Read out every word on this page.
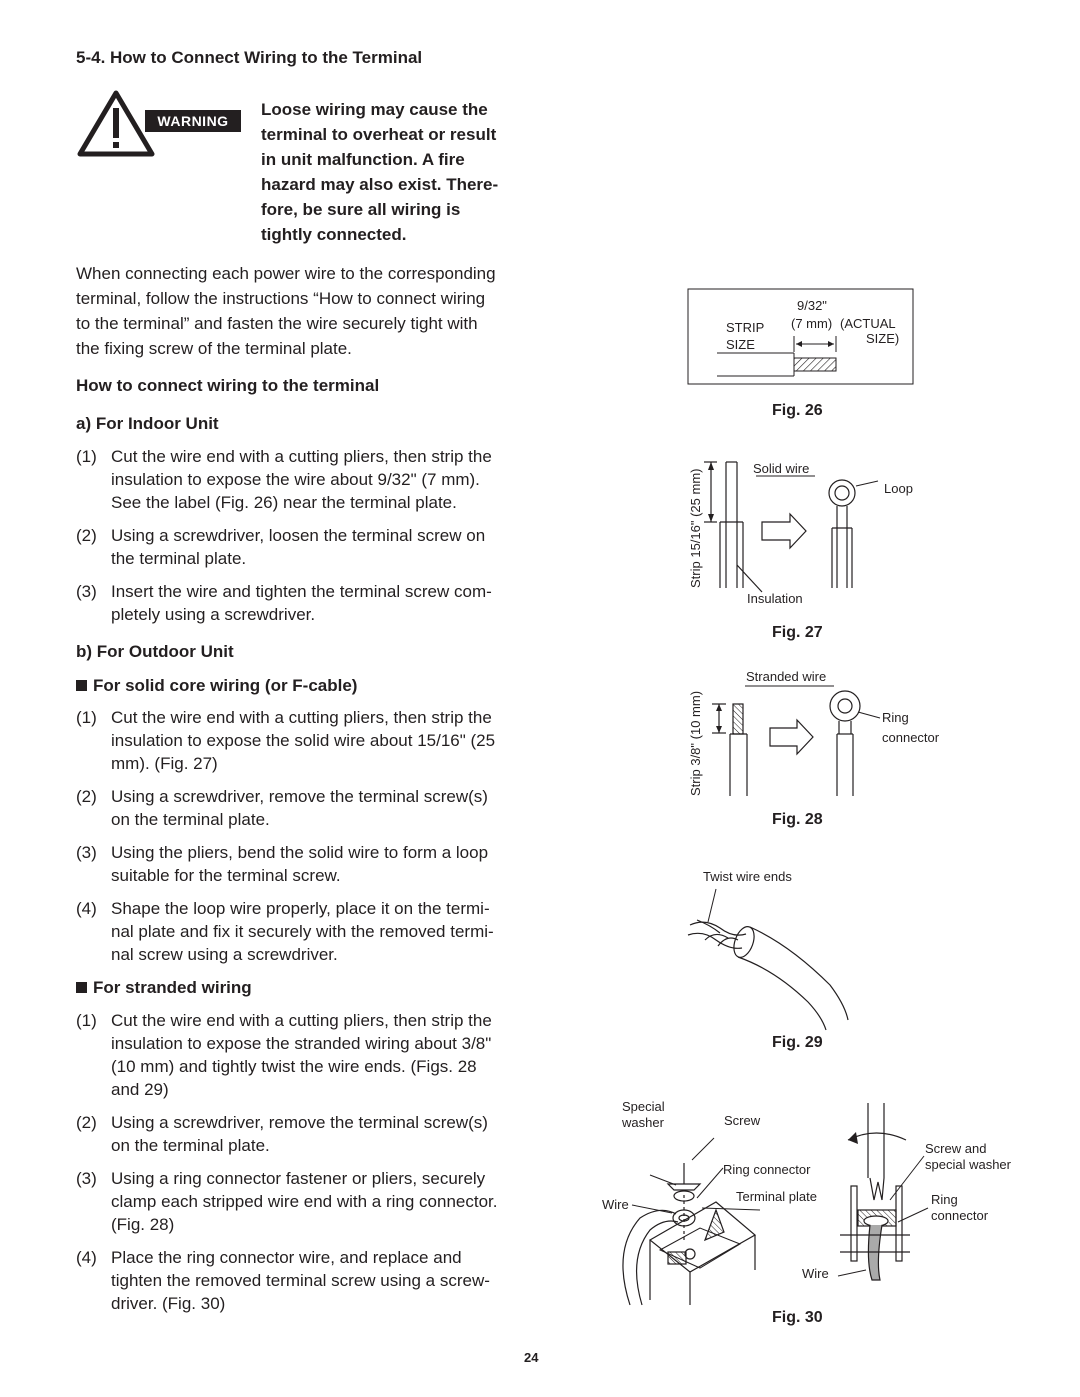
5-4. How to Connect Wiring to the Terminal
WARNING
Loose wiring may cause the
terminal to overheat or result
in unit malfunction. A fire
hazard may also exist. There-
fore, be sure all wiring is
tightly connected.
When connecting each power wire to the corresponding
terminal, follow the instructions “How to connect wiring
to the terminal” and fasten the wire securely tight with
the fixing screw of the terminal plate.
How to connect wiring to the terminal
a) For Indoor Unit
(1) Cut the wire end with a cutting pliers, then strip the
insulation to expose the wire about 9/32" (7 mm).
See the label (Fig. 26) near the terminal plate.
(2) Using a screwdriver, loosen the terminal screw on
the terminal plate.
(3) Insert the wire and tighten the terminal screw com-
pletely using a screwdriver.
b) For Outdoor Unit
For solid core wiring (or F-cable)
(1) Cut the wire end with a cutting pliers, then strip the
insulation to expose the solid wire about 15/16" (25
mm). (Fig. 27)
(2) Using a screwdriver, remove the terminal screw(s)
on the terminal plate.
(3) Using the pliers, bend the solid wire to form a loop
suitable for the terminal screw.
(4) Shape the loop wire properly, place it on the termi-
nal plate and fix it securely with the removed termi-
nal screw using a screwdriver.
For stranded wiring
(1) Cut the wire end with a cutting pliers, then strip the
insulation to expose the stranded wiring about 3/8"
(10 mm) and tightly twist the wire ends. (Figs. 28
and 29)
(2) Using a screwdriver, remove the terminal screw(s)
on the terminal plate.
(3) Using a ring connector fastener or pliers, securely
clamp each stripped wire end with a ring connector.
(Fig. 28)
(4) Place the ring connector wire, and replace and
tighten the removed terminal screw using a screw-
driver. (Fig. 30)
9/32"
STRIP (7 mm) (ACTUAL
SIZE	SIZE)
Fig. 26
Strip 15/16" (25 mm)	Solid wire
Loop
Insulation
Fig. 27
Strip 3/8" (10 mm)
Stranded wire
Ring
connector
Fig. 28
Twist wire ends
Fig. 29
Special
washer	Screw
Ring connector
Wire
Terminal plate
Wire
Screw and
special washer
Ring
connector
Fig. 30
24
